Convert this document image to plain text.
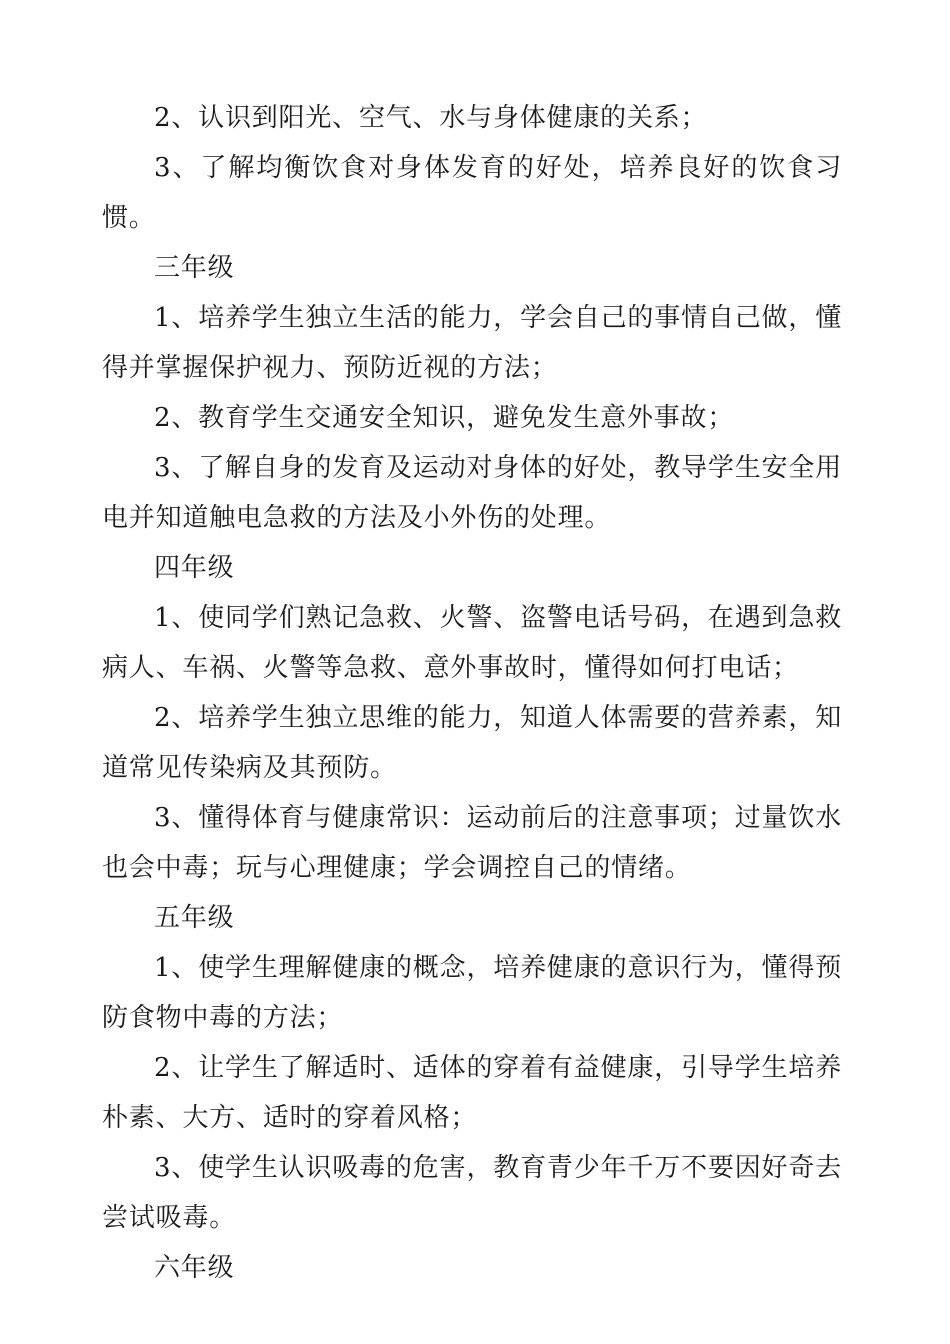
2、认识到阳光、空气、水与身体健康的关系；

3、了解均衡饮食对身体发育的好处，培养良好的饮食习惯。

三年级

1、培养学生独立生活的能力，学会自己的事情自己做，懂得并掌握保护视力、预防近视的方法；

2、教育学生交通安全知识，避免发生意外事故；

3、了解自身的发育及运动对身体的好处，教导学生安全用电并知道触电急救的方法及小外伤的处理。

四年级

1、使同学们熟记急救、火警、盗警电话号码，在遇到急救病人、车祸、火警等急救、意外事故时，懂得如何打电话；

2、培养学生独立思维的能力，知道人体需要的营养素，知道常见传染病及其预防。

3、懂得体育与健康常识：运动前后的注意事项；过量饮水也会中毒；玩与心理健康；学会调控自己的情绪。

五年级

1、使学生理解健康的概念，培养健康的意识行为，懂得预防食物中毒的方法；

2、让学生了解适时、适体的穿着有益健康，引导学生培养朴素、大方、适时的穿着风格；

3、使学生认识吸毒的危害，教育青少年千万不要因好奇去尝试吸毒。

六年级
